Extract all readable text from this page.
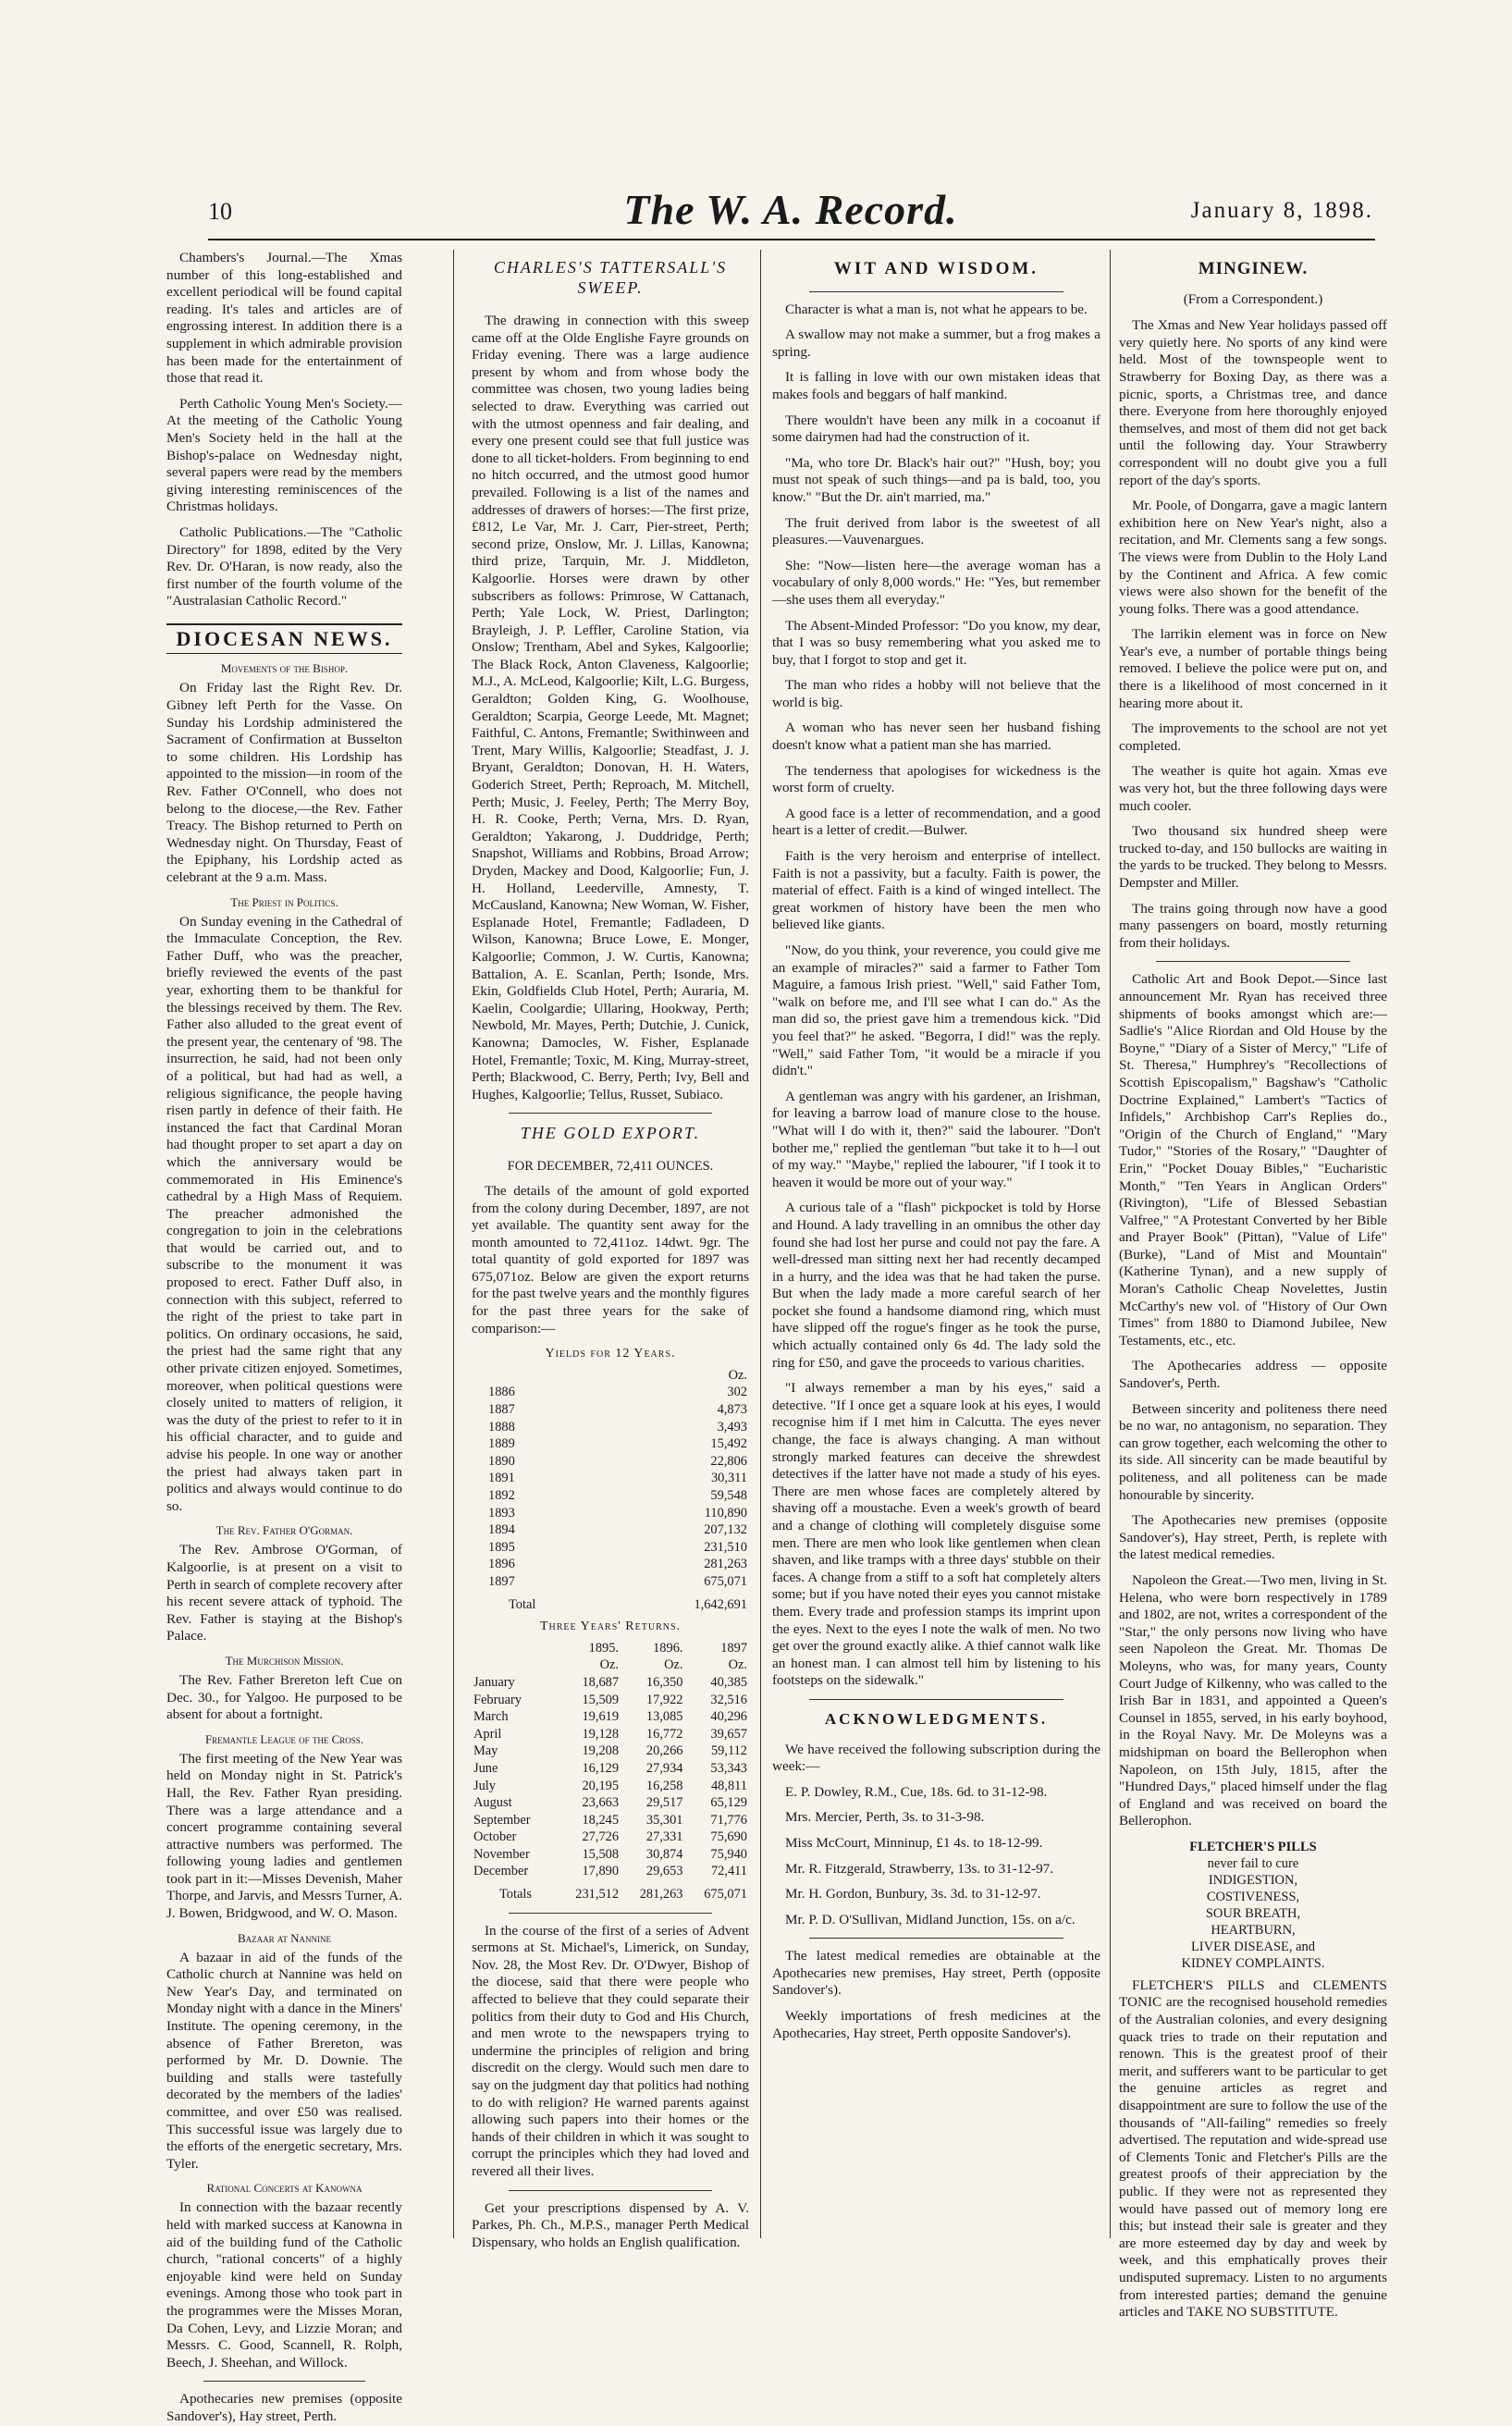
10	The W. A. Record.	January 8, 1898.

Chambers's Journal.—The Xmas number of this long-established and excellent periodical will be found capital reading. It's tales and articles are of engrossing interest. In addition there is a supplement in which admirable provision has been made for the entertainment of those that read it.

Perth Catholic Young Men's Society.—At the meeting of the Catholic Young Men's Society held in the hall at the Bishop's-palace on Wednesday night, several papers were read by the members giving interesting reminiscences of the Christmas holidays.

Catholic Publications.—The "Catholic Directory" for 1898, edited by the Very Rev. Dr. O'Haran, is now ready, also the first number of the fourth volume of the "Australasian Catholic Record."

DIOCESAN NEWS.
Movements of the Bishop.

On Friday last the Right Rev. Dr. Gibney left Perth for the Vasse. On Sunday his Lordship administered the Sacrament of Confirmation at Busselton to some children. His Lordship has appointed to the mission—in room of the Rev. Father O'Connell, who does not belong to the diocese,—the Rev. Father Treacy. The Bishop returned to Perth on Wednesday night. On Thursday, Feast of the Epiphany, his Lordship acted as celebrant at the 9 a.m. Mass.

The Priest in Politics.

On Sunday evening in the Cathedral of the Immaculate Conception, the Rev. Father Duff, who was the preacher, briefly reviewed the events of the past year, exhorting them to be thankful for the blessings received by them. The Rev. Father also alluded to the great event of the present year, the centenary of '98. The insurrection, he said, had not been only of a political, but had had as well, a religious significance, the people having risen partly in defence of their faith. He instanced the fact that Cardinal Moran had thought proper to set apart a day on which the anniversary would be commemorated in His Eminence's cathedral by a High Mass of Requiem. The preacher admonished the congregation to join in the celebrations that would be carried out, and to subscribe to the monument it was proposed to erect. Father Duff also, in connection with this subject, referred to the right of the priest to take part in politics. On ordinary occasions, he said, the priest had the same right that any other private citizen enjoyed. Sometimes, moreover, when political questions were closely united to matters of religion, it was the duty of the priest to refer to it in his official character, and to guide and advise his people. In one way or another the priest had always taken part in politics and always would continue to do so.

The Rev. Father O'Gorman.

The Rev. Ambrose O'Gorman, of Kalgoorlie, is at present on a visit to Perth in search of complete recovery after his recent severe attack of typhoid. The Rev. Father is staying at the Bishop's Palace.

The Murchison Mission.

The Rev. Father Brereton left Cue on Dec. 30., for Yalgoo. He purposed to be absent for about a fortnight.

Fremantle League of the Cross.

The first meeting of the New Year was held on Monday night in St. Patrick's Hall, the Rev. Father Ryan presiding. There was a large attendance and a concert programme containing several attractive numbers was performed. The following young ladies and gentlemen took part in it:—Misses Devenish, Maher Thorpe, and Jarvis, and Messrs Turner, A. J. Bowen, Bridgwood, and W. O. Mason.

Bazaar at Nannine

A bazaar in aid of the funds of the Catholic church at Nannine was held on New Year's Day, and terminated on Monday night with a dance in the Miners' Institute. The opening ceremony, in the absence of Father Brereton, was performed by Mr. D. Downie. The building and stalls were tastefully decorated by the members of the ladies' committee, and over £50 was realised. This successful issue was largely due to the efforts of the energetic secretary, Mrs. Tyler.

Rational Concerts at Kanowna

In connection with the bazaar recently held with marked success at Kanowna in aid of the building fund of the Catholic church, "rational concerts" of a highly enjoyable kind were held on Sunday evenings. Among those who took part in the programmes were the Misses Moran, Da Cohen, Levy, and Lizzie Moran; and Messrs. C. Good, Scannell, R. Rolph, Beech, J. Sheehan, and Willock.

Apothecaries new premises (opposite Sandover's), Hay street, Perth.

CHARLES'S TATTERSALL'S SWEEP.

The drawing in connection with this sweep came off at the Olde Englishe Fayre grounds on Friday evening. There was a large audience present by whom and from whose body the committee was chosen, two young ladies being selected to draw. Everything was carried out with the utmost openness and fair dealing, and every one present could see that full justice was done to all ticket-holders. From beginning to end no hitch occurred, and the utmost good humor prevailed. Following is a list of the names and addresses of drawers of horses:—The first prize, £812, Le Var, Mr. J. Carr, Pier-street, Perth; second prize, Onslow, Mr. J. Lillas, Kanowna; third prize, Tarquin, Mr. J. Middleton, Kalgoorlie. Horses were drawn by other subscribers as follows: Primrose, W Cattanach, Perth; Yale Lock, W. Priest, Darlington; Brayleigh, J. P. Leffler, Caroline Station, via Onslow; Trentham, Abel and Sykes, Kalgoorlie; The Black Rock, Anton Claveness, Kalgoorlie; M.J., A. McLeod, Kalgoorlie; Kilt, L.G. Burgess, Geraldton; Golden King, G. Woolhouse, Geraldton; Scarpia, George Leede, Mt. Magnet; Faithful, C. Antons, Fremantle; Swithinween and Trent, Mary Willis, Kalgoorlie; Steadfast, J. J. Bryant, Geraldton; Donovan, H. H. Waters, Goderich Street, Perth; Reproach, M. Mitchell, Perth; Music, J. Feeley, Perth; The Merry Boy, H. R. Cooke, Perth; Verna, Mrs. D. Ryan, Geraldton; Yakarong, J. Duddridge, Perth; Snapshot, Williams and Robbins, Broad Arrow; Dryden, Mackey and Dood, Kalgoorlie; Fun, J. H. Holland, Leederville, Amnesty, T. McCausland, Kanowna; New Woman, W. Fisher, Esplanade Hotel, Fremantle; Fadladeen, D Wilson, Kanowna; Bruce Lowe, E. Monger, Kalgoorlie; Common, J. W. Curtis, Kanowna; Battalion, A. E. Scanlan, Perth; Isonde, Mrs. Ekin, Goldfields Club Hotel, Perth; Auraria, M. Kaelin, Coolgardie; Ullaring, Hookway, Perth; Newbold, Mr. Mayes, Perth; Dutchie, J. Cunick, Kanowna; Damocles, W. Fisher, Esplanade Hotel, Fremantle; Toxic, M. King, Murray-street, Perth; Blackwood, C. Berry, Perth; Ivy, Bell and Hughes, Kalgoorlie; Tellus, Russet, Subiaco.

THE GOLD EXPORT.
FOR DECEMBER, 72,411 OUNCES.

The details of the amount of gold exported from the colony during December, 1897, are not yet available. The quantity sent away for the month amounted to 72,411oz. 14dwt. 9gr. The total quantity of gold exported for 1897 was 675,071oz. Below are given the export returns for the past twelve years and the monthly figures for the past three years for the sake of comparison:—

Yields for 12 Years.
	Oz.
1886	302
1887	4,873
1888	3,493
1889	15,492
1890	22,806
1891	30,311
1892	59,548
1893	110,890
1894	207,132
1895	231,510
1896	281,263
1897	675,071
Total	1,642,691
Three Years' Returns.
	1895.	1896.	1897
	Oz.	Oz.	Oz.
January	18,687	16,350	40,385
February	15,509	17,922	32,516
March	19,619	13,085	40,296
April	19,128	16,772	39,657
May	19,208	20,266	59,112
June	16,129	27,934	53,343
July	20,195	16,258	48,811
August	23,663	29,517	65,129
September	18,245	35,301	71,776
October	27,726	27,331	75,690
November	15,508	30,874	75,940
December	17,890	29,653	72,411
Totals	231,512	281,263	675,071

In the course of the first of a series of Advent sermons at St. Michael's, Limerick, on Sunday, Nov. 28, the Most Rev. Dr. O'Dwyer, Bishop of the diocese, said that there were people who affected to believe that they could separate their politics from their duty to God and His Church, and men wrote to the newspapers trying to undermine the principles of religion and bring discredit on the clergy. Would such men dare to say on the judgment day that politics had nothing to do with religion? He warned parents against allowing such papers into their homes or the hands of their children in which it was sought to corrupt the principles which they had loved and revered all their lives.

Get your prescriptions dispensed by A. V. Parkes, Ph. Ch., M.P.S., manager Perth Medical Dispensary, who holds an English qualification.

WIT AND WISDOM.

Character is what a man is, not what he appears to be.

A swallow may not make a summer, but a frog makes a spring.

It is falling in love with our own mistaken ideas that makes fools and beggars of half mankind.

There wouldn't have been any milk in a cocoanut if some dairymen had had the construction of it.

"Ma, who tore Dr. Black's hair out?" "Hush, boy; you must not speak of such things—and pa is bald, too, you know." "But the Dr. ain't married, ma."

The fruit derived from labor is the sweetest of all pleasures.—Vauvenargues.

She: "Now—listen here—the average woman has a vocabulary of only 8,000 words." He: "Yes, but remember—she uses them all everyday."

The Absent-Minded Professor: "Do you know, my dear, that I was so busy remembering what you asked me to buy, that I forgot to stop and get it.

The man who rides a hobby will not believe that the world is big.

A woman who has never seen her husband fishing doesn't know what a patient man she has married.

The tenderness that apologises for wickedness is the worst form of cruelty.

A good face is a letter of recommendation, and a good heart is a letter of credit.—Bulwer.

Faith is the very heroism and enterprise of intellect. Faith is not a passivity, but a faculty. Faith is power, the material of effect. Faith is a kind of winged intellect. The great workmen of history have been the men who believed like giants.

"Now, do you think, your reverence, you could give me an example of miracles?" said a farmer to Father Tom Maguire, a famous Irish priest. "Well," said Father Tom, "walk on before me, and I'll see what I can do." As the man did so, the priest gave him a tremendous kick. "Did you feel that?" he asked. "Begorra, I did!" was the reply. "Well," said Father Tom, "it would be a miracle if you didn't."

A gentleman was angry with his gardener, an Irishman, for leaving a barrow load of manure close to the house. "What will I do with it, then?" said the labourer. "Don't bother me," replied the gentleman "but take it to h—l out of my way." "Maybe," replied the labourer, "if I took it to heaven it would be more out of your way."

A curious tale of a "flash" pickpocket is told by Horse and Hound. A lady travelling in an omnibus the other day found she had lost her purse and could not pay the fare. A well-dressed man sitting next her had recently decamped in a hurry, and the idea was that he had taken the purse. But when the lady made a more careful search of her pocket she found a handsome diamond ring, which must have slipped off the rogue's finger as he took the purse, which actually contained only 6s 4d. The lady sold the ring for £50, and gave the proceeds to various charities.

"I always remember a man by his eyes," said a detective. "If I once get a square look at his eyes, I would recognise him if I met him in Calcutta. The eyes never change, the face is always changing. A man without strongly marked features can deceive the shrewdest detectives if the latter have not made a study of his eyes. There are men whose faces are completely altered by shaving off a moustache. Even a week's growth of beard and a change of clothing will completely disguise some men. There are men who look like gentlemen when clean shaven, and like tramps with a three days' stubble on their faces. A change from a stiff to a soft hat completely alters some; but if you have noted their eyes you cannot mistake them. Every trade and profession stamps its imprint upon the eyes. Next to the eyes I note the walk of men. No two get over the ground exactly alike. A thief cannot walk like an honest man. I can almost tell him by listening to his footsteps on the sidewalk."

ACKNOWLEDGMENTS.

We have received the following subscription during the week:—

E. P. Dowley, R.M., Cue, 18s. 6d. to 31-12-98.

Mrs. Mercier, Perth, 3s. to 31-3-98.

Miss McCourt, Minninup, £1 4s. to 18-12-99.

Mr. R. Fitzgerald, Strawberry, 13s. to 31-12-97.

Mr. H. Gordon, Bunbury, 3s. 3d. to 31-12-97.

Mr. P. D. O'Sullivan, Midland Junction, 15s. on a/c.

The latest medical remedies are obtainable at the Apothecaries new premises, Hay street, Perth (opposite Sandover's).

Weekly importations of fresh medicines at the Apothecaries, Hay street, Perth opposite Sandover's).

MINGINEW.
(From a Correspondent.)

The Xmas and New Year holidays passed off very quietly here. No sports of any kind were held. Most of the townspeople went to Strawberry for Boxing Day, as there was a picnic, sports, a Christmas tree, and dance there. Everyone from here thoroughly enjoyed themselves, and most of them did not get back until the following day. Your Strawberry correspondent will no doubt give you a full report of the day's sports.

Mr. Poole, of Dongarra, gave a magic lantern exhibition here on New Year's night, also a recitation, and Mr. Clements sang a few songs. The views were from Dublin to the Holy Land by the Continent and Africa. A few comic views were also shown for the benefit of the young folks. There was a good attendance.

The larrikin element was in force on New Year's eve, a number of portable things being removed. I believe the police were put on, and there is a likelihood of most concerned in it hearing more about it.

The improvements to the school are not yet completed.

The weather is quite hot again. Xmas eve was very hot, but the three following days were much cooler.

Two thousand six hundred sheep were trucked to-day, and 150 bullocks are waiting in the yards to be trucked. They belong to Messrs. Dempster and Miller.

The trains going through now have a good many passengers on board, mostly returning from their holidays.

Catholic Art and Book Depot.—Since last announcement Mr. Ryan has received three shipments of books amongst which are:—Sadlie's "Alice Riordan and Old House by the Boyne," "Diary of a Sister of Mercy," "Life of St. Theresa," Humphrey's "Recollections of Scottish Episcopalism," Bagshaw's "Catholic Doctrine Explained," Lambert's "Tactics of Infidels," Archbishop Carr's Replies do., "Origin of the Church of England," "Mary Tudor," "Stories of the Rosary," "Daughter of Erin," "Pocket Douay Bibles," "Eucharistic Month," "Ten Years in Anglican Orders" (Rivington), "Life of Blessed Sebastian Valfree," "A Protestant Converted by her Bible and Prayer Book" (Pittan), "Value of Life" (Burke), "Land of Mist and Mountain" (Katherine Tynan), and a new supply of Moran's Catholic Cheap Novelettes, Justin McCarthy's new vol. of "History of Our Own Times" from 1880 to Diamond Jubilee, New Testaments, etc., etc.

The Apothecaries address — opposite Sandover's, Perth.

Between sincerity and politeness there need be no war, no antagonism, no separation. They can grow together, each welcoming the other to its side. All sincerity can be made beautiful by politeness, and all politeness can be made honourable by sincerity.

The Apothecaries new premises (opposite Sandover's), Hay street, Perth, is replete with the latest medical remedies.

Napoleon the Great.—Two men, living in St. Helena, who were born respectively in 1789 and 1802, are not, writes a correspondent of the "Star," the only persons now living who have seen Napoleon the Great. Mr. Thomas De Moleyns, who was, for many years, County Court Judge of Kilkenny, who was called to the Irish Bar in 1831, and appointed a Queen's Counsel in 1855, served, in his early boyhood, in the Royal Navy. Mr. De Moleyns was a midshipman on board the Bellerophon when Napoleon, on 15th July, 1815, after the "Hundred Days," placed himself under the flag of England and was received on board the Bellerophon.

FLETCHER'S PILLS
never fail to cure
INDIGESTION,
COSTIVENESS,
SOUR BREATH,
HEARTBURN,
LIVER DISEASE, and
KIDNEY COMPLAINTS.

FLETCHER'S PILLS and CLEMENTS TONIC are the recognised household remedies of the Australian colonies, and every designing quack tries to trade on their reputation and renown. This is the greatest proof of their merit, and sufferers want to be particular to get the genuine articles as regret and disappointment are sure to follow the use of the thousands of "All-failing" remedies so freely advertised. The reputation and wide-spread use of Clements Tonic and Fletcher's Pills are the greatest proofs of their appreciation by the public. If they were not as represented they would have passed out of memory long ere this; but instead their sale is greater and they are more esteemed day by day and week by week, and this emphatically proves their undisputed supremacy. Listen to no arguments from interested parties; demand the genuine articles and TAKE NO SUBSTITUTE.
